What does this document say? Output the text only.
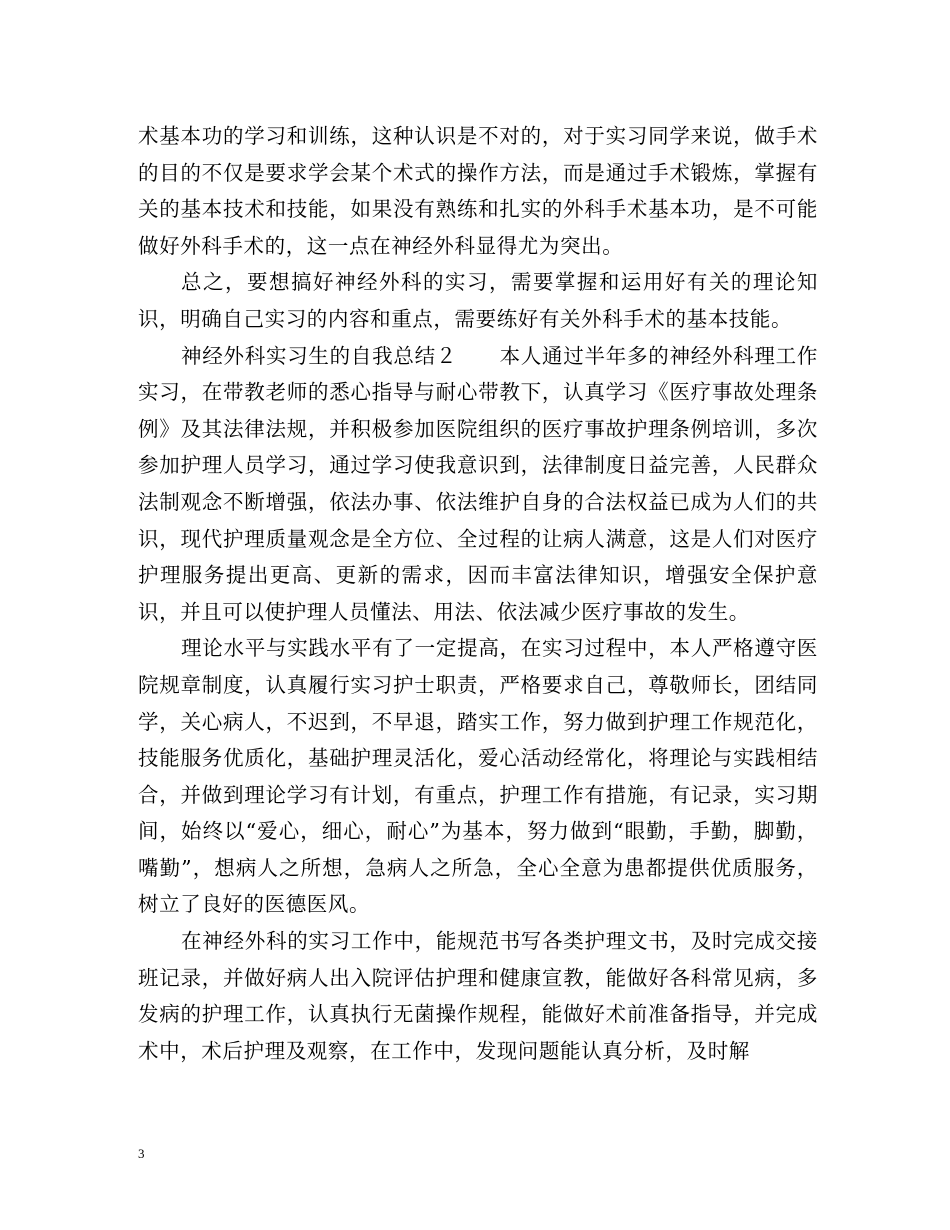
术基本功的学习和训练，这种认识是不对的，对于实习同学来说，做手术的目的不仅是要求学会某个术式的操作方法，而是通过手术锻炼，掌握有关的基本技术和技能，如果没有熟练和扎实的外科手术基本功，是不可能做好外科手术的，这一点在神经外科显得尤为突出。

总之，要想搞好神经外科的实习，需要掌握和运用好有关的理论知识，明确自己实习的内容和重点，需要练好有关外科手术的基本技能。

神经外科实习生的自我总结２　　本人通过半年多的神经外科理工作实习，在带教老师的悉心指导与耐心带教下，认真学习《医疗事故处理条例》及其法律法规，并积极参加医院组织的医疗事故护理条例培训，多次参加护理人员学习，通过学习使我意识到，法律制度日益完善，人民群众法制观念不断增强，依法办事、依法维护自身的合法权益已成为人们的共识，现代护理质量观念是全方位、全过程的让病人满意，这是人们对医疗护理服务提出更高、更新的需求，因而丰富法律知识，增强安全保护意识，并且可以使护理人员懂法、用法、依法减少医疗事故的发生。

理论水平与实践水平有了一定提高，在实习过程中，本人严格遵守医院规章制度，认真履行实习护士职责，严格要求自己，尊敬师长，团结同学，关心病人，不迟到，不早退，踏实工作，努力做到护理工作规范化，技能服务优质化，基础护理灵活化，爱心活动经常化，将理论与实践相结合，并做到理论学习有计划，有重点，护理工作有措施，有记录，实习期间，始终以“爱心，细心，耐心”为基本，努力做到“眼勤，手勤，脚勤，嘴勤”，想病人之所想，急病人之所急，全心全意为患都提供优质服务，树立了良好的医德医风。

在神经外科的实习工作中，能规范书写各类护理文书，及时完成交接班记录，并做好病人出入院评估护理和健康宣教，能做好各科常见病，多发病的护理工作，认真执行无菌操作规程，能做好术前准备指导，并完成术中，术后护理及观察，在工作中，发现问题能认真分析，及时解

3
